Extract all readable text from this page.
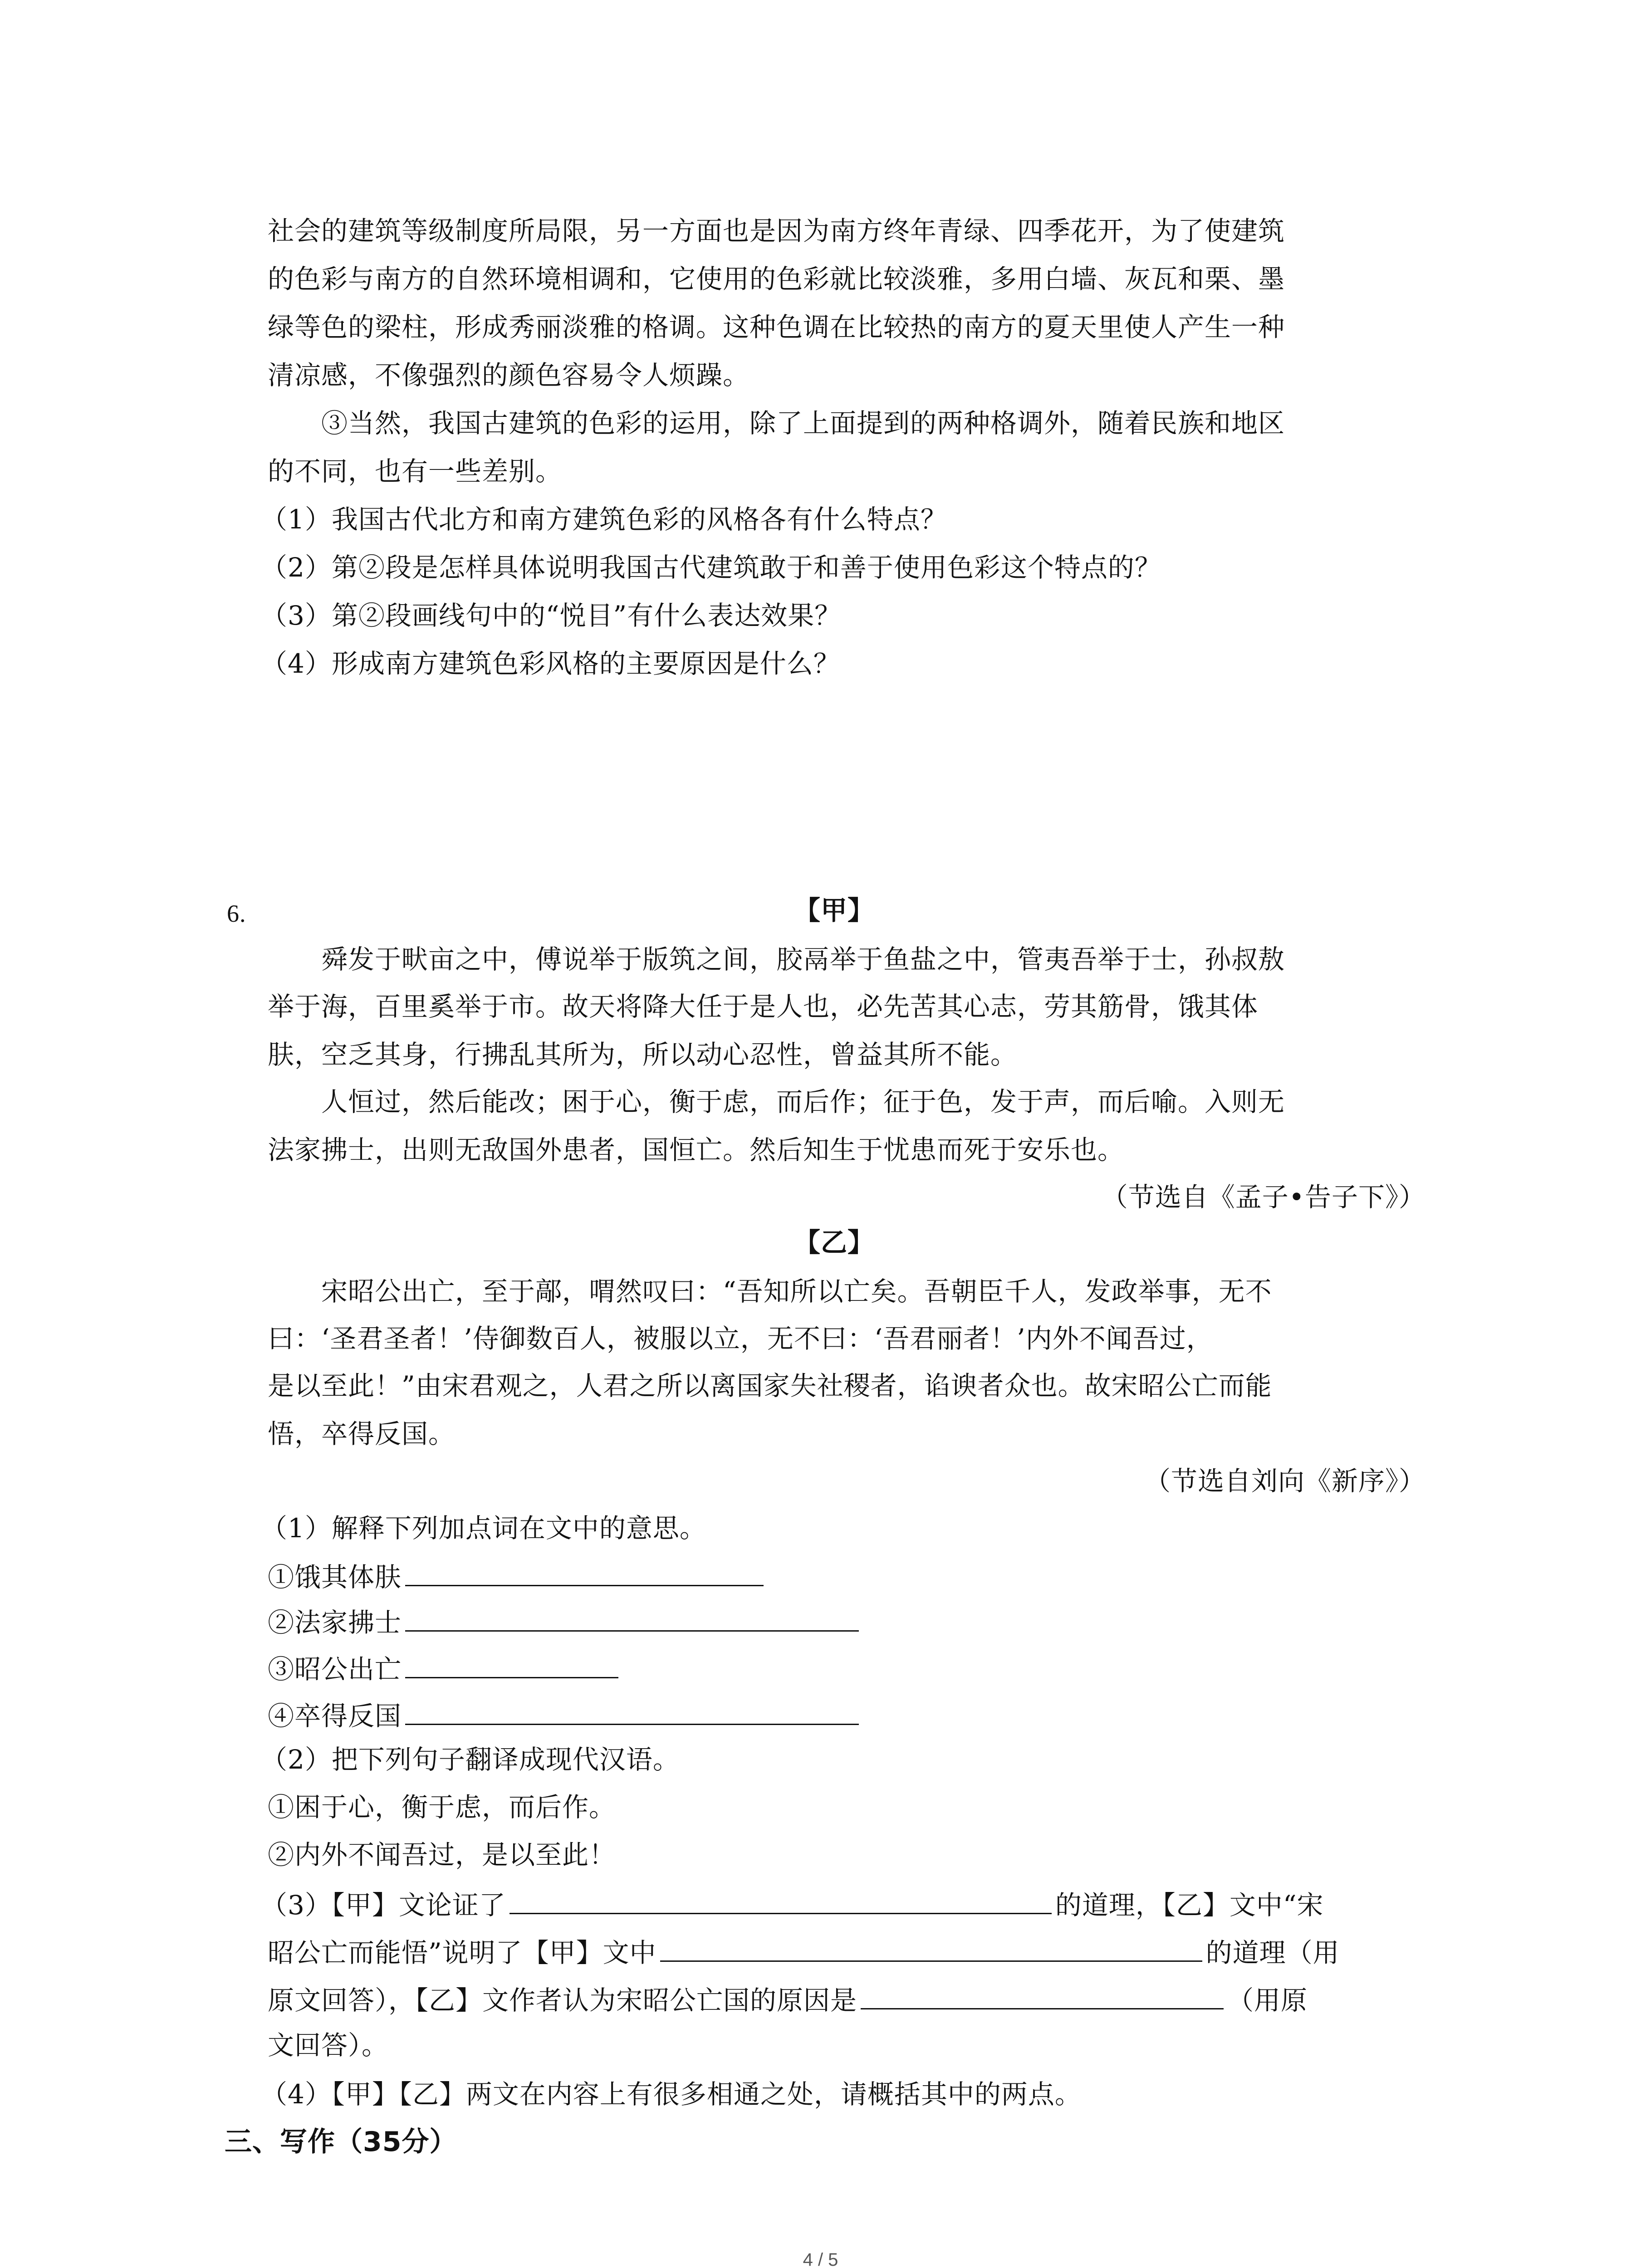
社会的建筑等级制度所局限，另一方面也是因为南方终年青绿、四季花开，为了使建筑

的色彩与南方的自然环境相调和，它使用的色彩就比较淡雅，多用白墙、灰瓦和栗、墨

绿等色的梁柱，形成秀丽淡雅的格调。这种色调在比较热的南方的夏天里使人产生一种

清凉感，不像强烈的颜色容易令人烦躁。

③当然，我国古建筑的色彩的运用，除了上面提到的两种格调外，随着民族和地区

的不同，也有一些差别。

（1）我国古代北方和南方建筑色彩的风格各有什么特点？

（2）第②段是怎样具体说明我国古代建筑敢于和善于使用色彩这个特点的？

（3）第②段画线句中的“悦目”有什么表达效果？

（4）形成南方建筑色彩风格的主要原因是什么？

6.	【甲】

舜发于畎亩之中，傅说举于版筑之间，胶鬲举于鱼盐之中，管夷吾举于士，孙叔敖

举于海，百里奚举于市。故天将降大任于是人也，必先苦其心志，劳其筋骨，饿其体

肤，空乏其身，行拂乱其所为，所以动心忍性，曾益其所不能。

人恒过，然后能改；困于心，衡于虑，而后作；征于色，发于声，而后喻。入则无

法家拂士，出则无敌国外患者，国恒亡。然后知生于忧患而死于安乐也。

（节选自《孟子•告子下》）

【乙】

宋昭公出亡，至于鄗，喟然叹曰：“吾知所以亡矣。吾朝臣千人，发政举事，无不

曰：‘圣君圣者！’侍御数百人，被服以立，无不曰：‘吾君丽者！’内外不闻吾过，

是以至此！”由宋君观之，人君之所以离国家失社稷者，谄谀者众也。故宋昭公亡而能

悟，卒得反国。

（节选自刘向《新序》）

（1）解释下列加点词在文中的意思。

①饿其体肤
②法家拂士
③昭公出亡
④卒得反国

（2）把下列句子翻译成现代汉语。

①困于心，衡于虑，而后作。

②内外不闻吾过，是以至此！

（3）【甲】文论证了	的道理，【乙】文中“宋
昭公亡而能悟”说明了【甲】文中	的道理（用
原文回答），【乙】文作者认为宋昭公亡国的原因是	（用原

文回答）。

（4）【甲】【乙】两文在内容上有很多相通之处，请概括其中的两点。

三、写作（35分）

4 / 5
